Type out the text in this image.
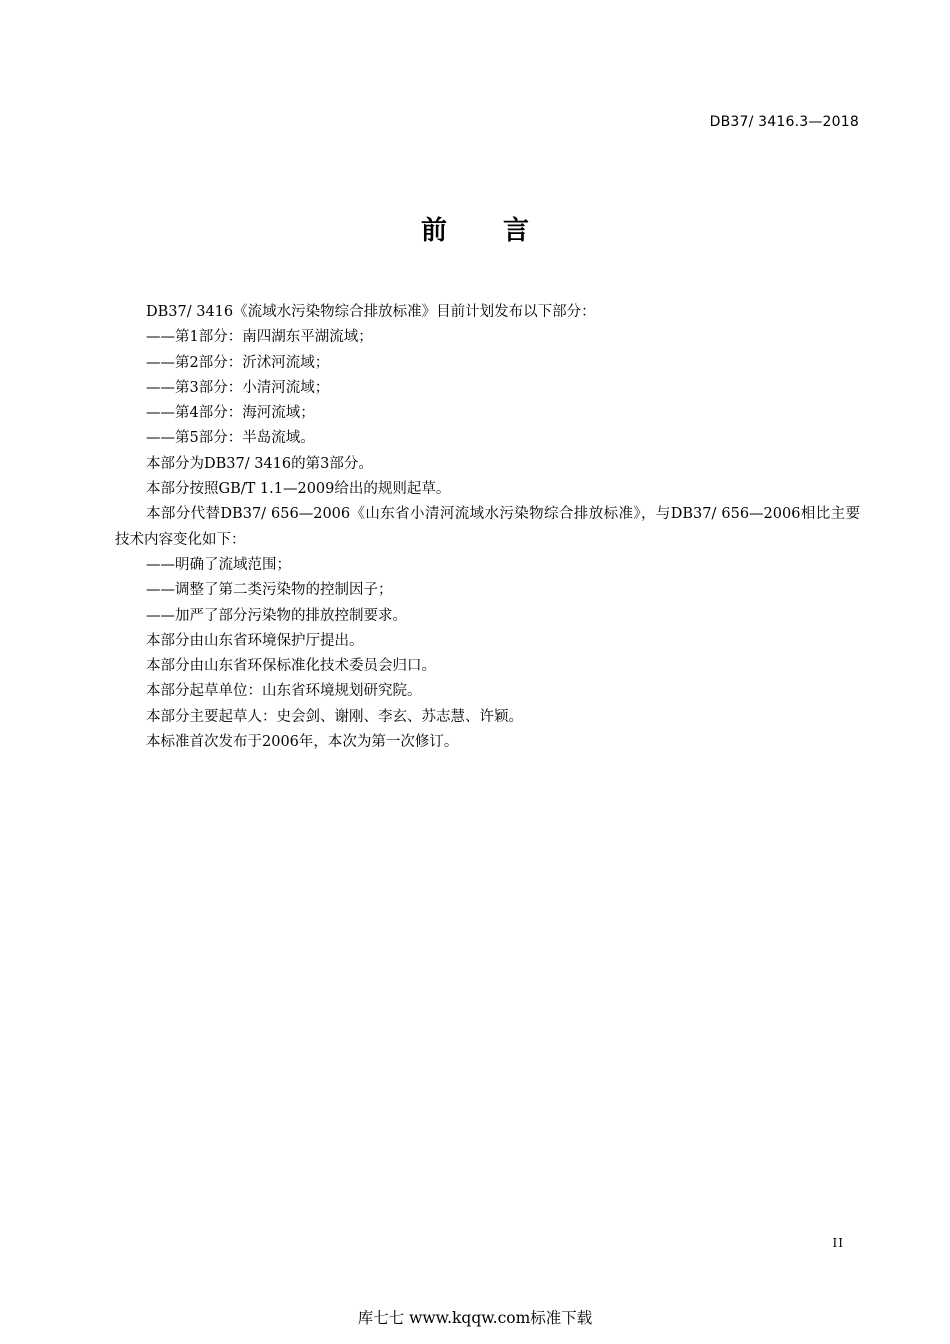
DB37/ 3416.3—2018
前言

DB37/ 3416《流域水污染物综合排放标准》目前计划发布以下部分：

——第1部分：南四湖东平湖流域；

——第2部分：沂沭河流域；

——第3部分：小清河流域；

——第4部分：海河流域；

——第5部分：半岛流域。

本部分为DB37/ 3416的第3部分。

本部分按照GB/T 1.1—2009给出的规则起草。

本部分代替DB37/ 656—2006《山东省小清河流域水污染物综合排放标准》，与DB37/ 656—2006相比主要技术内容变化如下：

——明确了流域范围；

——调整了第二类污染物的控制因子；

——加严了部分污染物的排放控制要求。

本部分由山东省环境保护厅提出。

本部分由山东省环保标准化技术委员会归口。

本部分起草单位：山东省环境规划研究院。

本部分主要起草人：史会剑、谢刚、李玄、苏志慧、许颖。

本标准首次发布于2006年，本次为第一次修订。

II
库七七 www.kqqw.com标准下载
